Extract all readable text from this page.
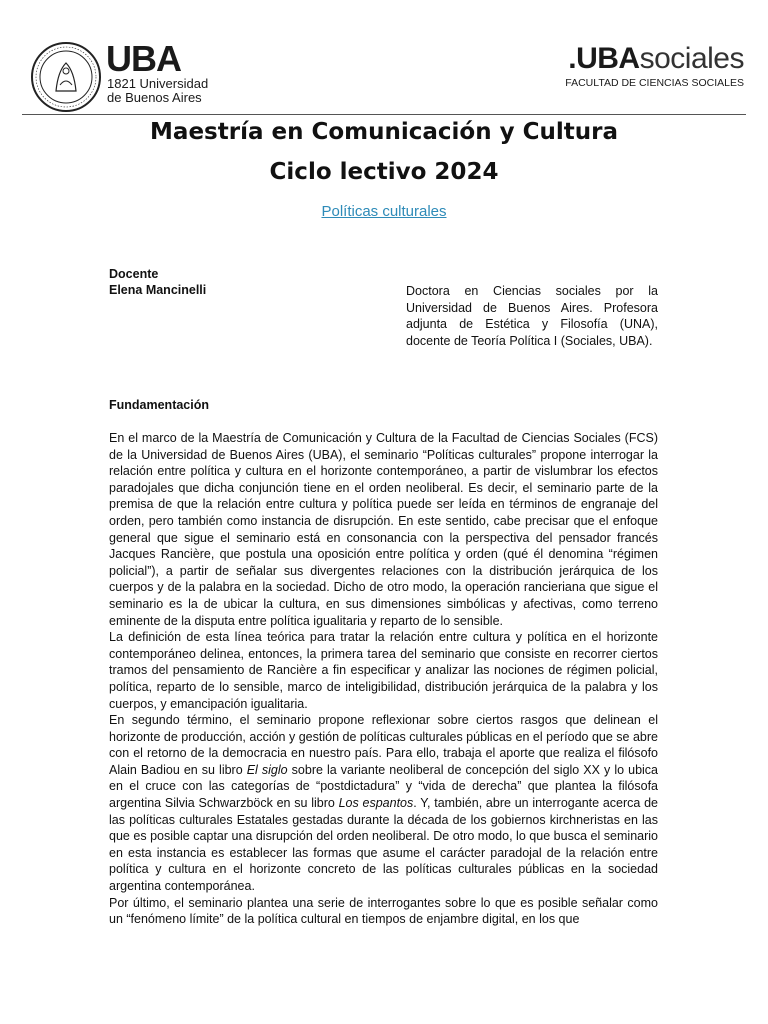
UBA
1821 Universidad
de Buenos Aires
.UBAsociales
FACULTAD DE CIENCIAS SOCIALES
Maestría en Comunicación y Cultura
Ciclo lectivo 2024
Políticas culturales
Docente
Elena Mancinelli	Doctora en Ciencias sociales por la Universidad de Buenos Aires. Profesora adjunta de Estética y Filosofía (UNA), docente de Teoría Política I (Sociales, UBA).
Fundamentación

En el marco de la Maestría de Comunicación y Cultura de la Facultad de Ciencias Sociales (FCS) de la Universidad de Buenos Aires (UBA), el seminario “Políticas culturales” propone interrogar la relación entre política y cultura en el horizonte contemporáneo, a partir de vislumbrar los efectos paradojales que dicha conjunción tiene en el orden neoliberal. Es decir, el seminario parte de la premisa de que la relación entre cultura y política puede ser leída en términos de engranaje del orden, pero también como instancia de disrupción. En este sentido, cabe precisar que el enfoque general que sigue el seminario está en consonancia con la perspectiva del pensador francés Jacques Rancière, que postula una oposición entre política y orden (qué él denomina “régimen policial”), a partir de señalar sus divergentes relaciones con la distribución jerárquica de los cuerpos y de la palabra en la sociedad. Dicho de otro modo, la operación rancieriana que sigue el seminario es la de ubicar la cultura, en sus dimensiones simbólicas y afectivas, como terreno eminente de la disputa entre política igualitaria y reparto de lo sensible.

La definición de esta línea teórica para tratar la relación entre cultura y política en el horizonte contemporáneo delinea, entonces, la primera tarea del seminario que consiste en recorrer ciertos tramos del pensamiento de Rancière a fin especificar y analizar las nociones de régimen policial, política, reparto de lo sensible, marco de inteligibilidad, distribución jerárquica de la palabra y los cuerpos, y emancipación igualitaria.

En segundo término, el seminario propone reflexionar sobre ciertos rasgos que delinean el horizonte de producción, acción y gestión de políticas culturales públicas en el período que se abre con el retorno de la democracia en nuestro país. Para ello, trabaja el aporte que realiza el filósofo Alain Badiou en su libro El siglo sobre la variante neoliberal de concepción del siglo XX y lo ubica en el cruce con las categorías de “postdictadura” y “vida de derecha” que plantea la filósofa argentina Silvia Schwarzböck en su libro Los espantos. Y, también, abre un interrogante acerca de las políticas culturales Estatales gestadas durante la década de los gobiernos kirchneristas en las que es posible captar una disrupción del orden neoliberal. De otro modo, lo que busca el seminario en esta instancia es establecer las formas que asume el carácter paradojal de la relación entre política y cultura en el horizonte concreto de las políticas culturales públicas en la sociedad argentina contemporánea.

Por último, el seminario plantea una serie de interrogantes sobre lo que es posible señalar como un “fenómeno límite” de la política cultural en tiempos de enjambre digital, en los que
